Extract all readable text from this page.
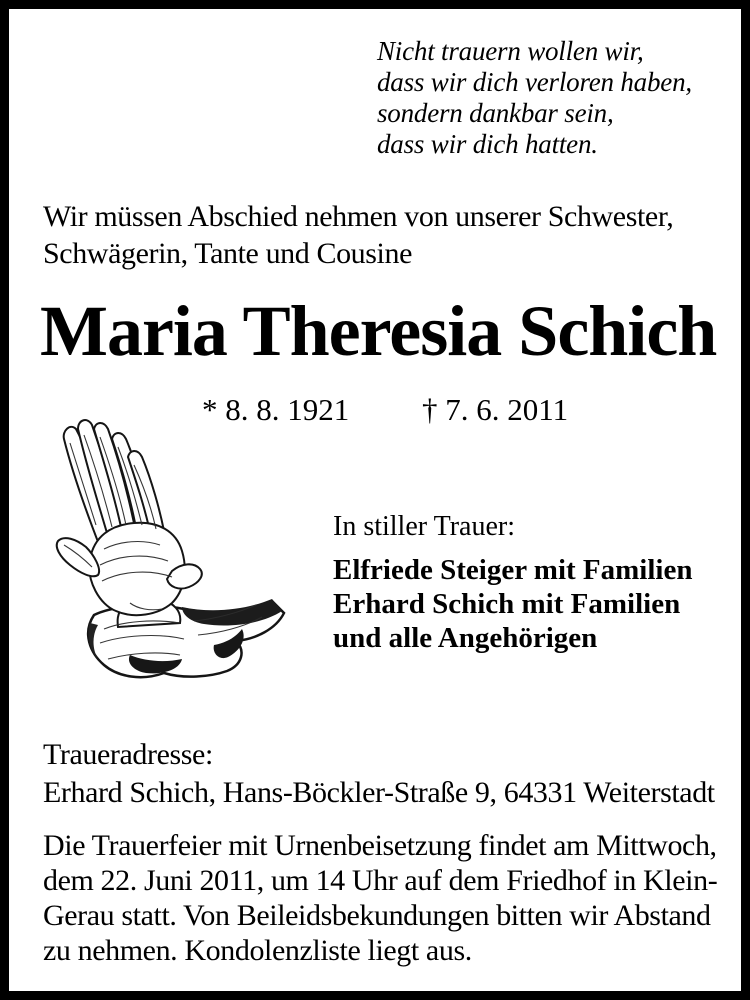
Nicht trauern wollen wir,
dass wir dich verloren haben,
sondern dankbar sein,
dass wir dich hatten.
Wir müssen Abschied nehmen von unserer Schwester,
Schwägerin, Tante und Cousine
Maria Theresia Schich
* 8. 8. 1921 † 7. 6. 2011
In stiller Trauer:
Elfriede Steiger mit Familien
Erhard Schich mit Familien
und alle Angehörigen
Traueradresse:
Erhard Schich, Hans-Böckler-Straße 9, 64331 Weiterstadt
Die Trauerfeier mit Urnenbeisetzung findet am Mittwoch,
dem 22. Juni 2011, um 14 Uhr auf dem Friedhof in Klein-
Gerau statt. Von Beileidsbekundungen bitten wir Abstand
zu nehmen. Kondolenzliste liegt aus.
